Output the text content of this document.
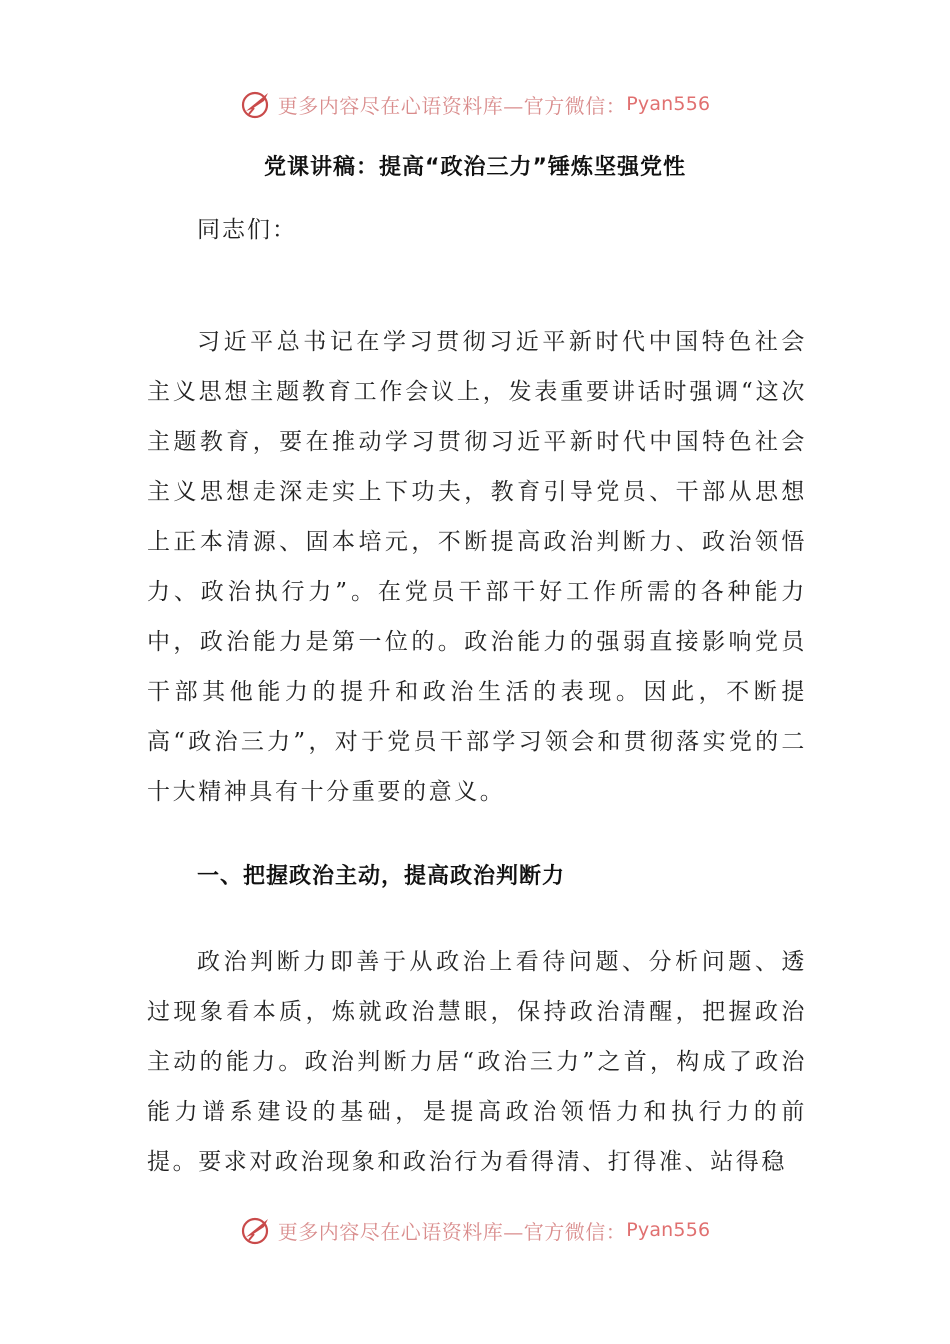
更多内容尽在心语资料库—官方微信： Pyan556
党课讲稿：提高“政治三力”锤炼坚强党性

同志们：

习近平总书记在学习贯彻习近平新时代中国特色社会主义思想主题教育工作会议上，发表重要讲话时强调“这次主题教育，要在推动学习贯彻习近平新时代中国特色社会主义思想走深走实上下功夫，教育引导党员、干部从思想上正本清源、固本培元，不断提高政治判断力、政治领悟力、政治执行力”。在党员干部干好工作所需的各种能力中，政治能力是第一位的。政治能力的强弱直接影响党员干部其他能力的提升和政治生活的表现。因此，不断提高“政治三力”，对于党员干部学习领会和贯彻落实党的二十大精神具有十分重要的意义。

一、把握政治主动，提高政治判断力

政治判断力即善于从政治上看待问题、分析问题、透过现象看本质，炼就政治慧眼，保持政治清醒，把握政治主动的能力。政治判断力居“政治三力”之首，构成了政治能力谱系建设的基础，是提高政治领悟力和执行力的前提。要求对政治现象和政治行为看得清、打得准、站得稳

更多内容尽在心语资料库—官方微信： Pyan556
